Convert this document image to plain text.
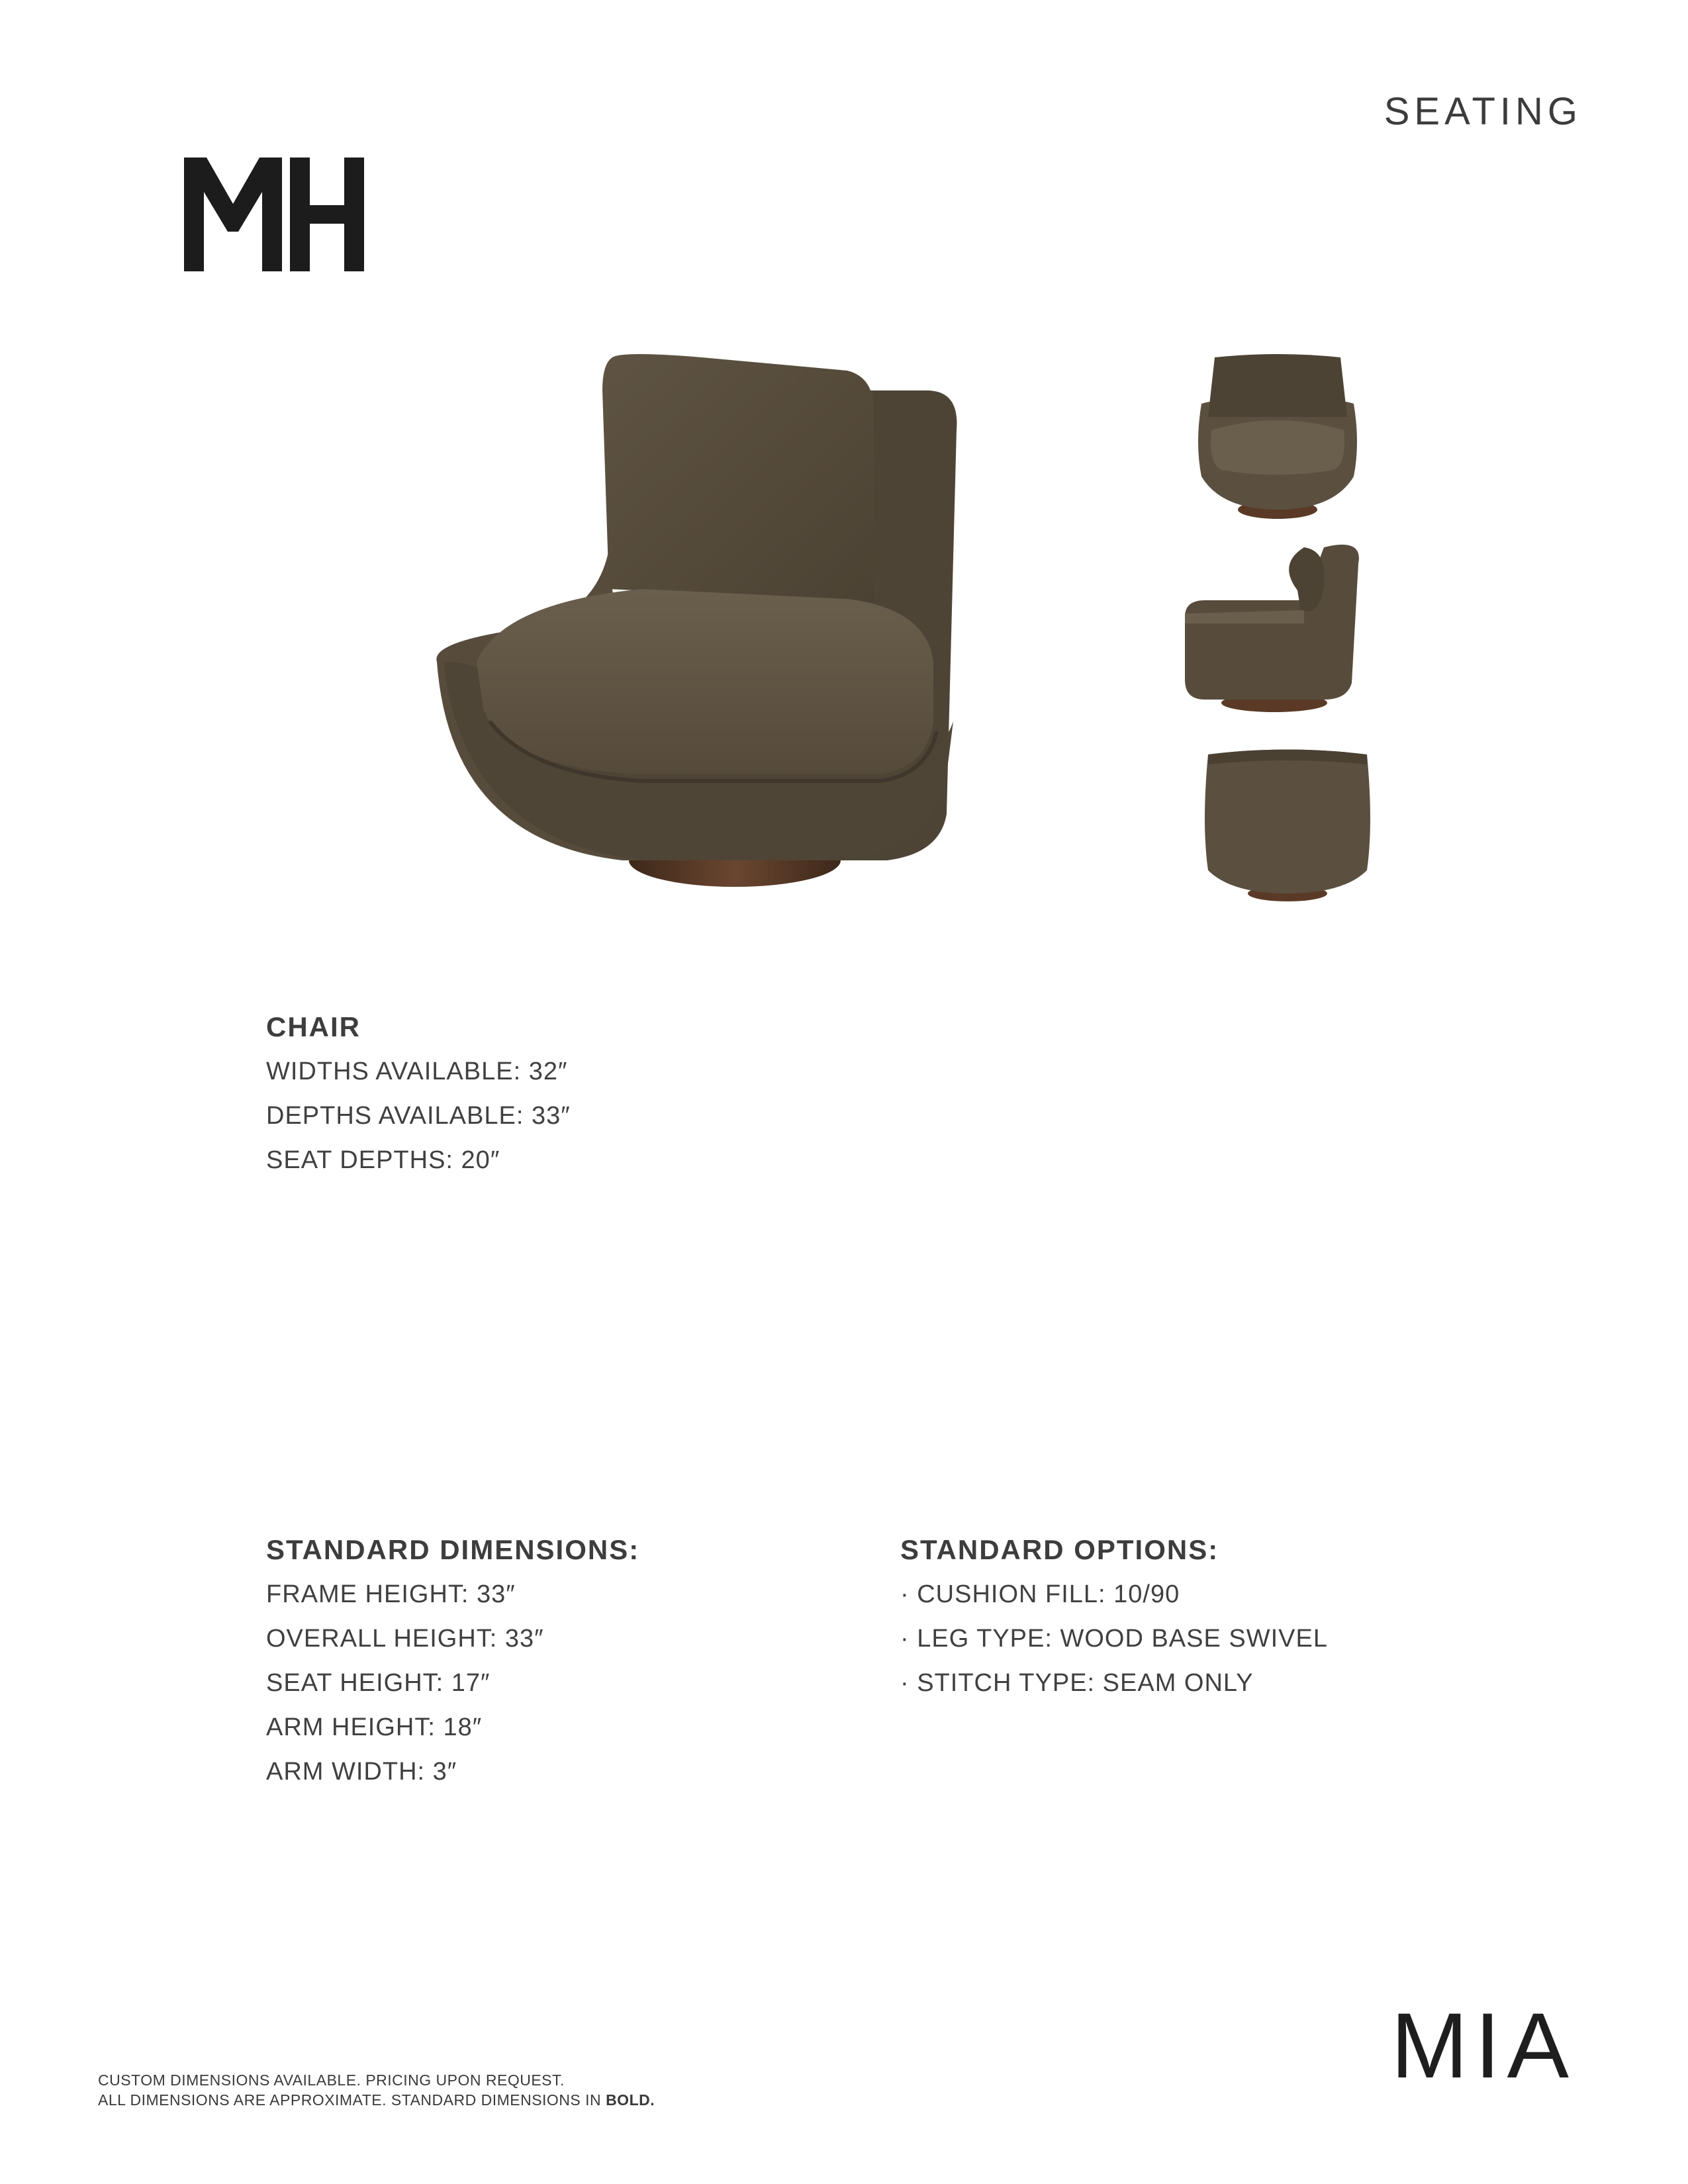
SEATING
CHAIR
WIDTHS AVAILABLE: 32″
DEPTHS AVAILABLE: 33″
SEAT DEPTHS: 20″
STANDARD DIMENSIONS:
FRAME HEIGHT: 33″
OVERALL HEIGHT: 33″
SEAT HEIGHT: 17″
ARM HEIGHT: 18″
ARM WIDTH: 3″
STANDARD OPTIONS:
· CUSHION FILL: 10/90
· LEG TYPE: WOOD BASE SWIVEL
· STITCH TYPE: SEAM ONLY
MIA
CUSTOM DIMENSIONS AVAILABLE. PRICING UPON REQUEST.
ALL DIMENSIONS ARE APPROXIMATE. STANDARD DIMENSIONS IN BOLD.
